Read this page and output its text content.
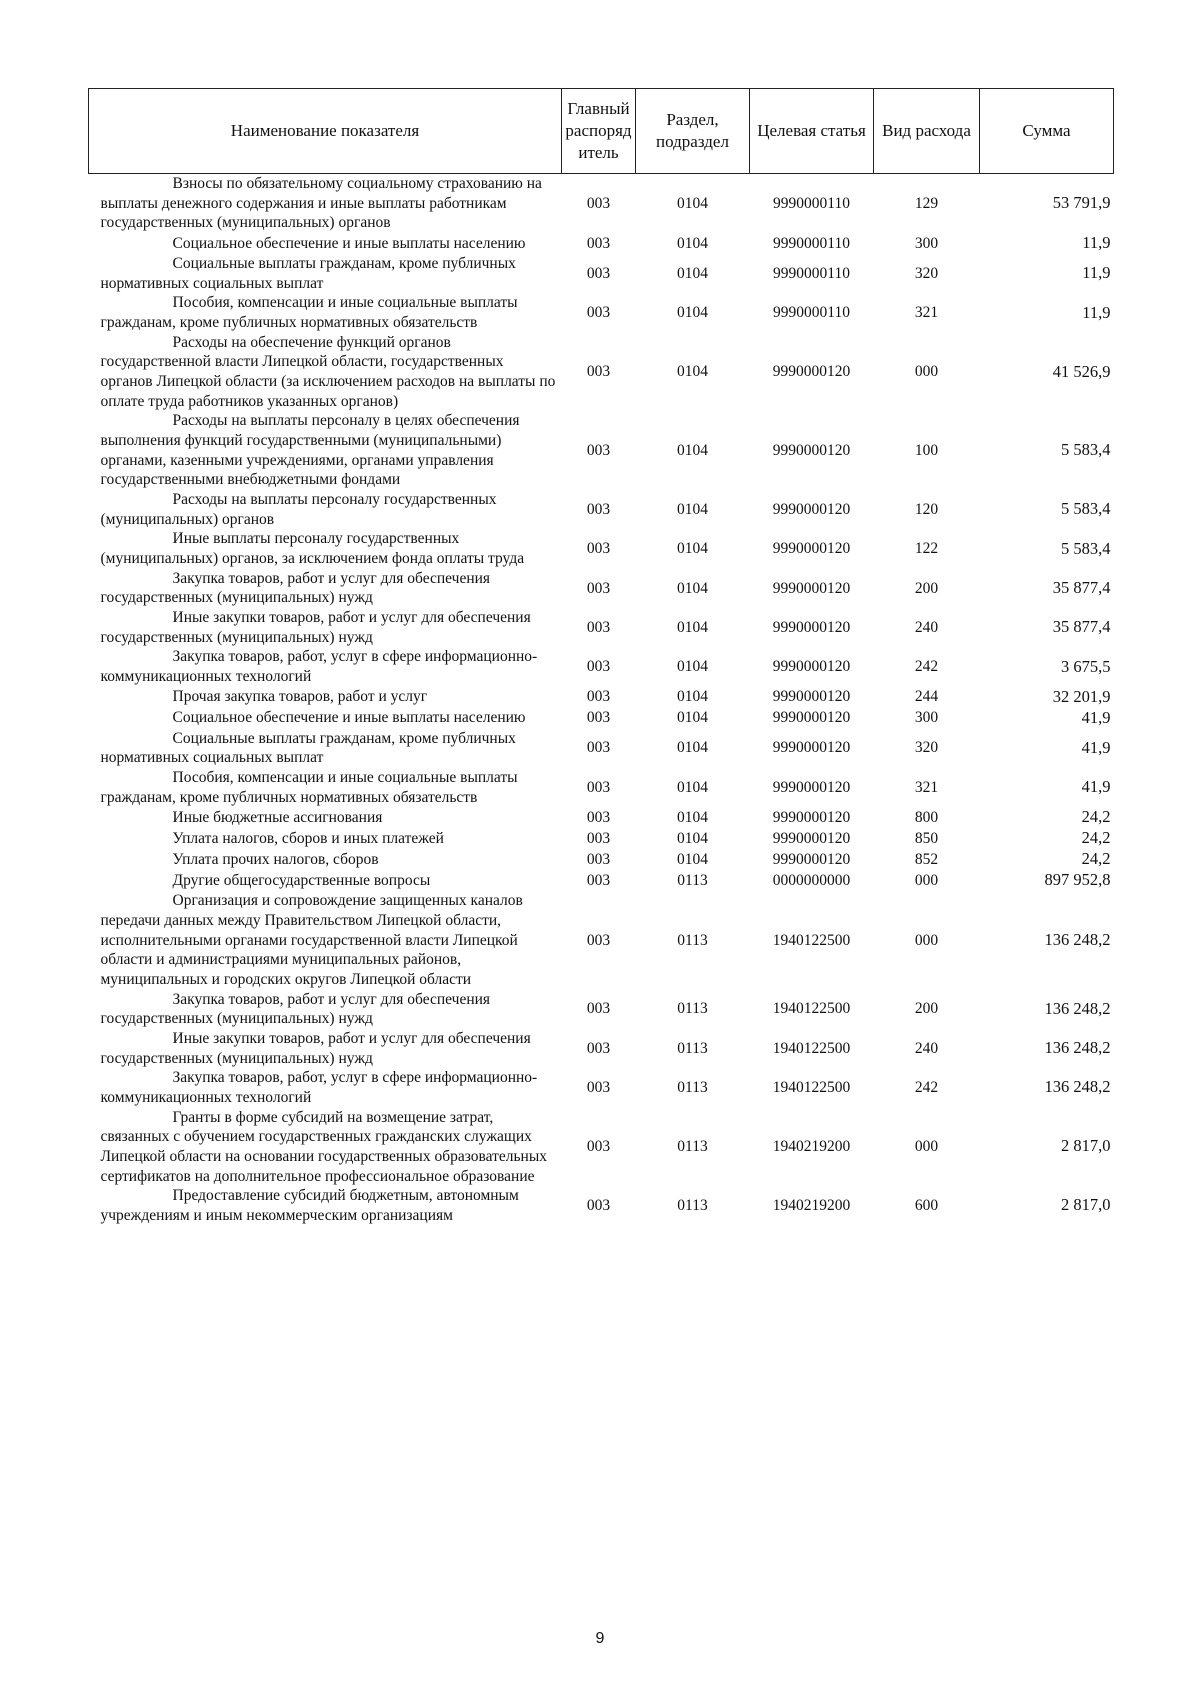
Наименование показателя	Главный распоряд итель	Раздел, подраздел	Целевая статья	Вид расхода	Сумма
Взносы по обязательному социальному страхованию на выплаты денежного содержания и иные выплаты работникам государственных (муниципальных) органов	003	0104	9990000110	129	53 791,9
Социальное обеспечение и иные выплаты населению	003	0104	9990000110	300	11,9
Социальные выплаты гражданам, кроме публичных нормативных социальных выплат	003	0104	9990000110	320	11,9
Пособия, компенсации и иные социальные выплаты гражданам, кроме публичных нормативных обязательств	003	0104	9990000110	321	11,9
Расходы на обеспечение функций органов государственной власти Липецкой области, государственных органов Липецкой области (за исключением расходов на выплаты по оплате труда работников указанных органов)	003	0104	9990000120	000	41 526,9
Расходы на выплаты персоналу в целях обеспечения выполнения функций государственными (муниципальными) органами, казенными учреждениями, органами управления государственными внебюджетными фондами	003	0104	9990000120	100	5 583,4
Расходы на выплаты персоналу государственных (муниципальных) органов	003	0104	9990000120	120	5 583,4
Иные выплаты персоналу государственных (муниципальных) органов, за исключением фонда оплаты труда	003	0104	9990000120	122	5 583,4
Закупка товаров, работ и услуг для обеспечения государственных (муниципальных) нужд	003	0104	9990000120	200	35 877,4
Иные закупки товаров, работ и услуг для обеспечения государственных (муниципальных) нужд	003	0104	9990000120	240	35 877,4
Закупка товаров, работ, услуг в сфере информационно-коммуникационных технологий	003	0104	9990000120	242	3 675,5
Прочая закупка товаров, работ и услуг	003	0104	9990000120	244	32 201,9
Социальное обеспечение и иные выплаты населению	003	0104	9990000120	300	41,9
Социальные выплаты гражданам, кроме публичных нормативных социальных выплат	003	0104	9990000120	320	41,9
Пособия, компенсации и иные социальные выплаты гражданам, кроме публичных нормативных обязательств	003	0104	9990000120	321	41,9
Иные бюджетные ассигнования	003	0104	9990000120	800	24,2
Уплата налогов, сборов и иных платежей	003	0104	9990000120	850	24,2
Уплата прочих налогов, сборов	003	0104	9990000120	852	24,2
Другие общегосударственные вопросы	003	0113	0000000000	000	897 952,8
Организация и сопровождение защищенных каналов передачи данных между Правительством Липецкой области, исполнительными органами государственной власти Липецкой области и администрациями муниципальных районов, муниципальных и городских округов Липецкой области	003	0113	1940122500	000	136 248,2
Закупка товаров, работ и услуг для обеспечения государственных (муниципальных) нужд	003	0113	1940122500	200	136 248,2
Иные закупки товаров, работ и услуг для обеспечения государственных (муниципальных) нужд	003	0113	1940122500	240	136 248,2
Закупка товаров, работ, услуг в сфере информационно-коммуникационных технологий	003	0113	1940122500	242	136 248,2
Гранты в форме субсидий на возмещение затрат, связанных с обучением государственных гражданских служащих Липецкой области на основании государственных образовательных сертификатов на дополнительное профессиональное образование	003	0113	1940219200	000	2 817,0
Предоставление субсидий бюджетным, автономным учреждениям и иным некоммерческим организациям	003	0113	1940219200	600	2 817,0
9
